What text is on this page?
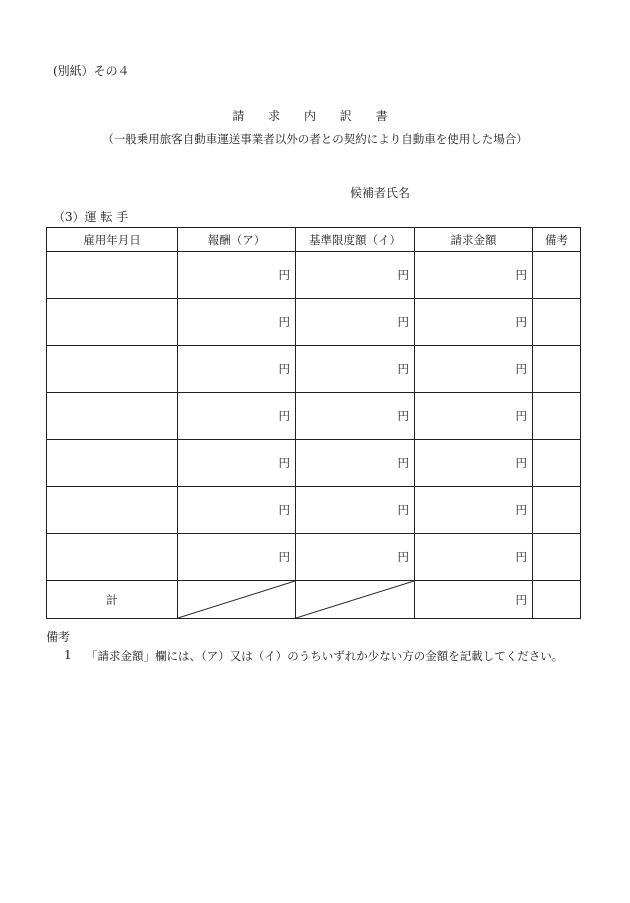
(別紙）その４
請 求 内 訳 書
（一般乗用旅客自動車運送事業者以外の者との契約により自動車を使用した場合）
候補者氏名
（3）運 転 手
雇用年月日	報酬（ア）	基準限度額（イ）	請求金額	備考
	円	円	円	
	円	円	円	
	円	円	円	
	円	円	円	
	円	円	円	
	円	円	円	
	円	円	円	
計			円	
備考
1 「請求金額」欄には、（ア）又は（イ）のうちいずれか少ない方の金額を記載してください。
